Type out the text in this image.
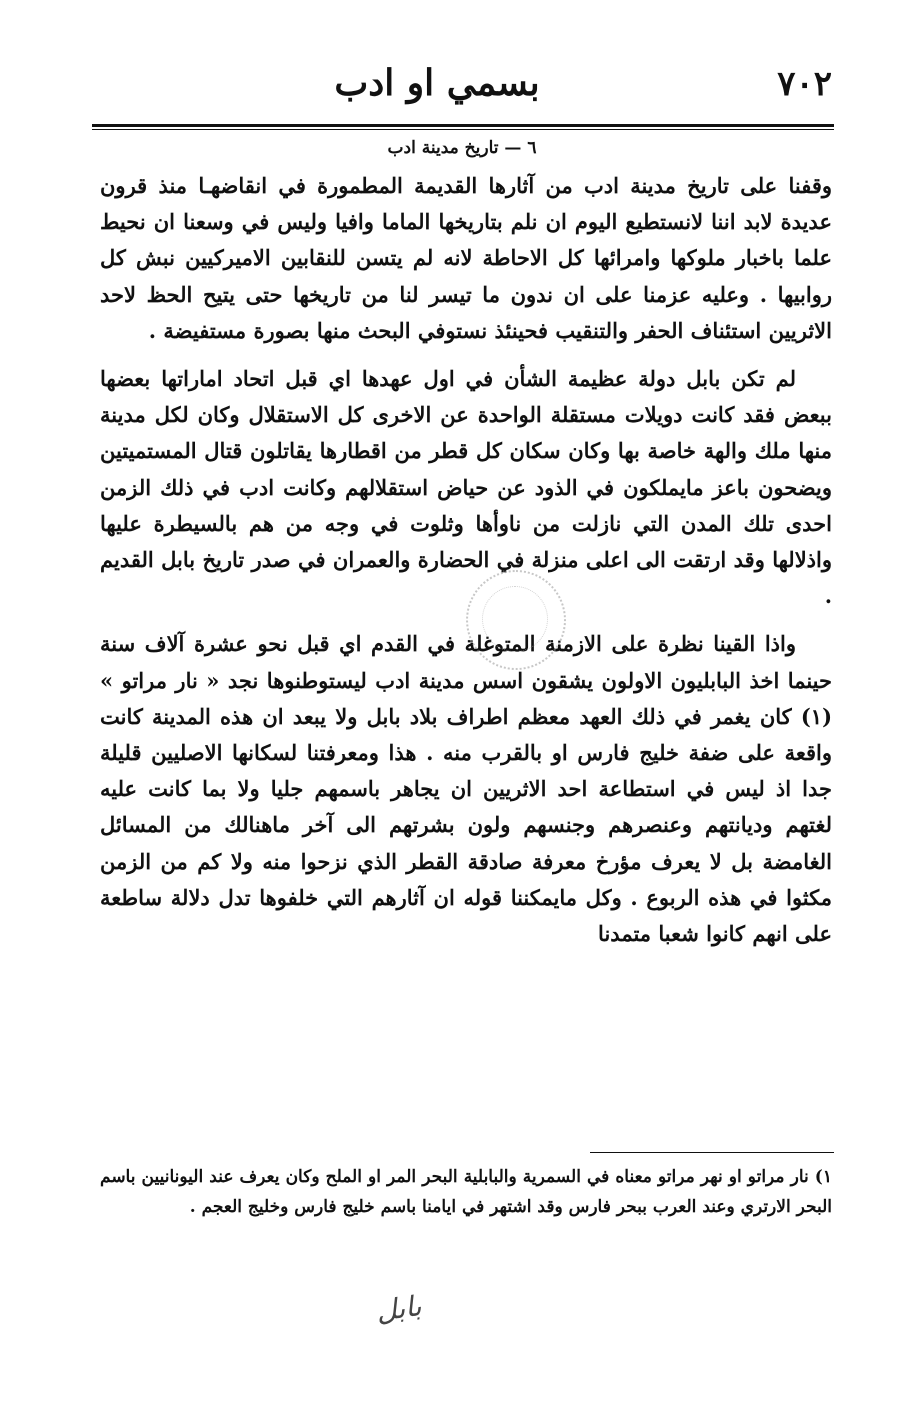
٧٠٢
بسمي او ادب
٦ — تاريخ مدينة ادب

وقفنا على تاريخ مدينة ادب من آثارها القديمة المطمورة في انقاضهـا منذ قرون عديدة لابد اننا لانستطيع اليوم ان نلم بتاريخها الماما وافيا وليس في وسعنا ان نحيط علما باخبار ملوكها وامرائها كل الاحاطة لانه لم يتسن للنقابين الاميركيين نبش كل روابيها . وعليه عزمنا على ان ندون ما تيسر لنا من تاريخها حتى يتيح الحظ لاحد الاثريين استئناف الحفر والتنقيب فحينئذ نستوفي البحث منها بصورة مستفيضة .

لم تكن بابل دولة عظيمة الشأن في اول عهدها اي قبل اتحاد اماراتها بعضها ببعض فقد كانت دويلات مستقلة الواحدة عن الاخرى كل الاستقلال وكان لكل مدينة منها ملك والهة خاصة بها وكان سكان كل قطر من اقطارها يقاتلون قتال المستميتين ويضحون باعز مايملكون في الذود عن حياض استقلالهم وكانت ادب في ذلك الزمن احدى تلك المدن التي نازلت من ناوأها وثلوت في وجه من هم بالسيطرة عليها واذلالها وقد ارتقت الى اعلى منزلة في الحضارة والعمران في صدر تاريخ بابل القديم .

واذا القينا نظرة على الازمنة المتوغلة في القدم اي قبل نحو عشرة آلاف سنة حينما اخذ البابليون الاولون يشقون اسس مدينة ادب ليستوطنوها نجد « نار مراتو » (١) كان يغمر في ذلك العهد معظم اطراف بلاد بابل ولا يبعد ان هذه المدينة كانت واقعة على ضفة خليج فارس او بالقرب منه . هذا ومعرفتنا لسكانها الاصليين قليلة جدا اذ ليس في استطاعة احد الاثريين ان يجاهر باسمهم جليا ولا بما كانت عليه لغتهم وديانتهم وعنصرهم وجنسهم ولون بشرتهم الى آخر ماهنالك من المسائل الغامضة بل لا يعرف مؤرخ معرفة صادقة القطر الذي نزحوا منه ولا كم من الزمن مكثوا في هذه الربوع . وكل مايمكننا قوله ان آثارهم التي خلفوها تدل دلالة ساطعة على انهم كانوا شعبا متمدنا

١) نار مراتو او نهر مراتو معناه في السمرية والبابلية البحر المر او الملح وكان يعرف عند اليونانيين باسم البحر الارتري وعند العرب ببحر فارس وقد اشتهر في ايامنا باسم خليج فارس وخليج العجم .
بابل
